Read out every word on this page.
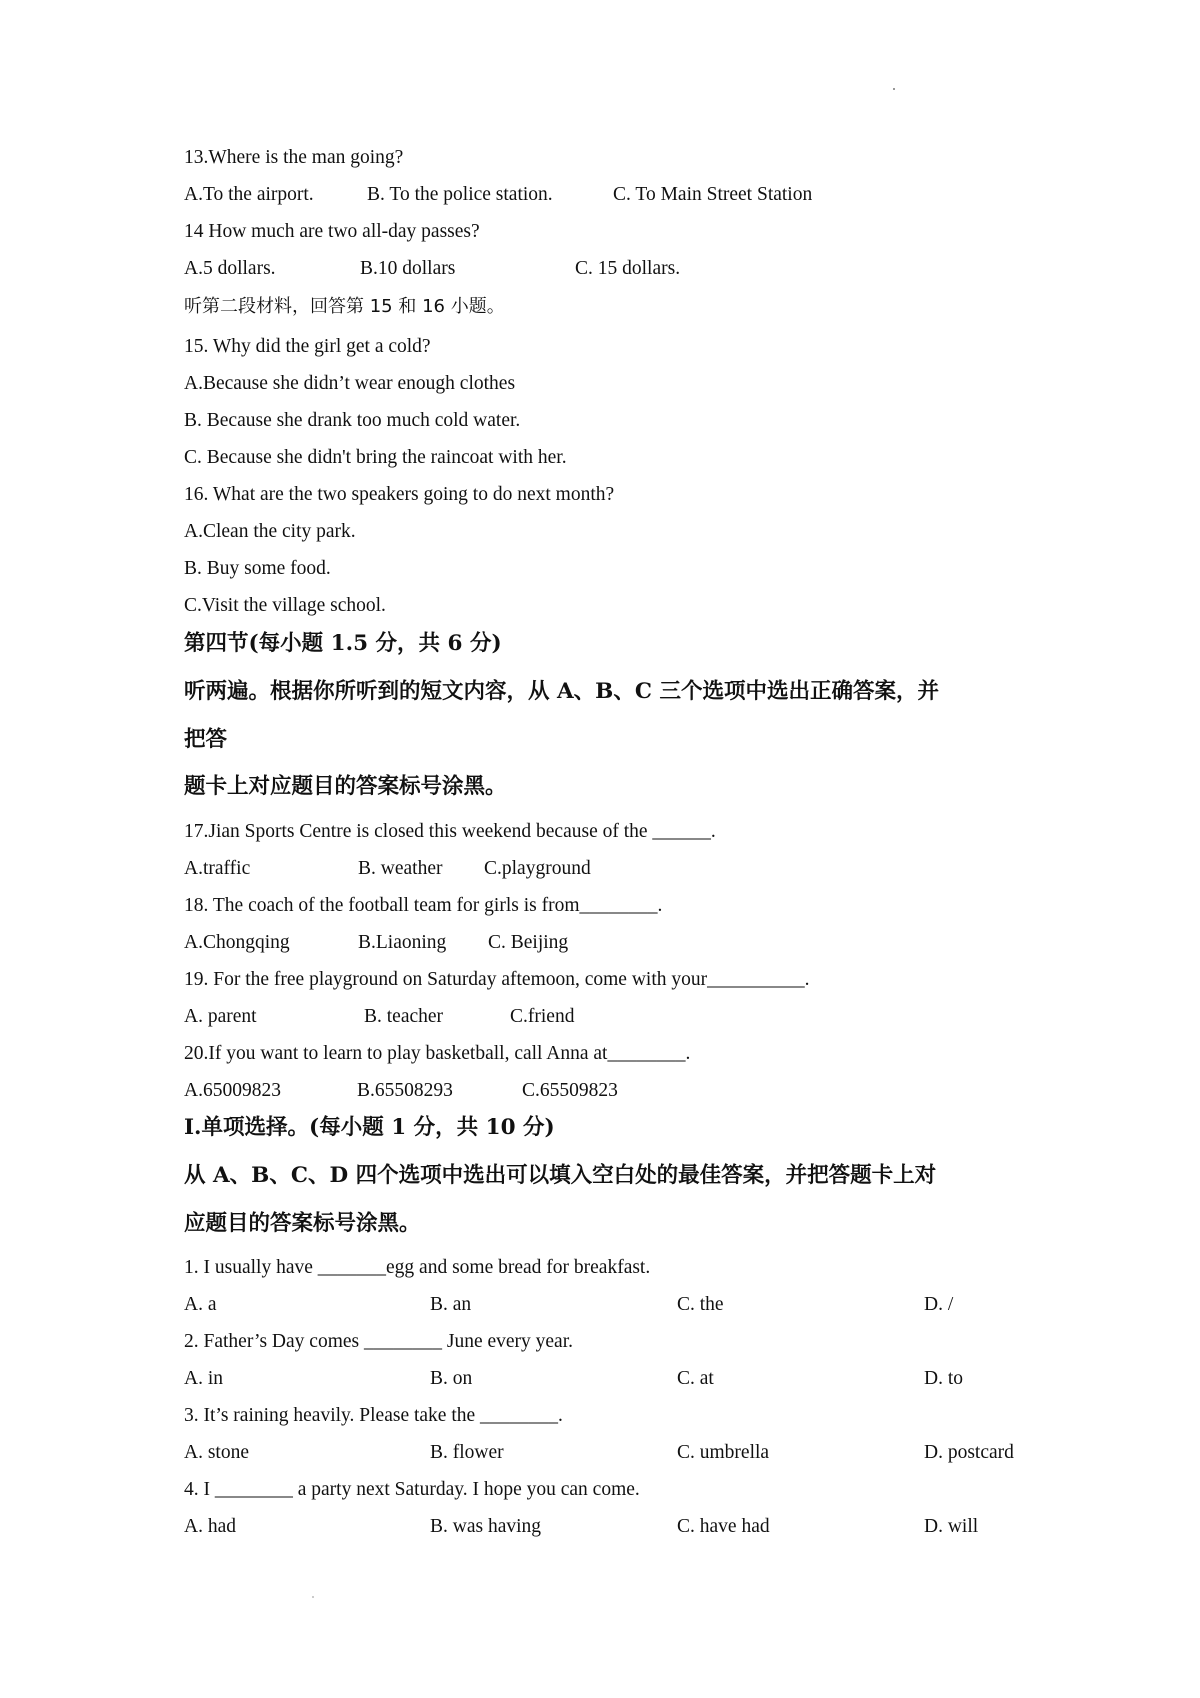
13.Where is the man going?
A.To the airport.	B. To the police station.	C. To Main Street Station
14 How much are two all-day passes?
A.5 dollars.	B.10 dollars	C. 15 dollars.
听第二段材料，回答第 15 和 16 小题。
15. Why did the girl get a cold?
A.Because she didn’t wear enough clothes
B. Because she drank too much cold water.
C. Because she didn't bring the raincoat with her.
16. What are the two speakers going to do next month?
A.Clean the city park.
B. Buy some food.
C.Visit the village school.
第四节(每小题 1.5 分，共 6 分)
听两遍。根据你所听到的短文内容，从 A、B、C 三个选项中选出正确答案，并
把答
题卡上对应题目的答案标号涂黑。
17.Jian Sports Centre is closed this weekend because of the ______.
A.traffic	B. weather C.playground
18. The coach of the football team for girls is from________.
A.Chongqing	B.Liaoning C. Beijing
19. For the free playground on Saturday aftemoon, come with your__________.
A. parent	B. teacher	C.friend
20.If you want to learn to play basketball, call Anna at________.
A.65009823	B.65508293	C.65509823
I.单项选择。(每小题 1 分，共 10 分)
从 A、B、C、D 四个选项中选出可以填入空白处的最佳答案，并把答题卡上对
应题目的答案标号涂黑。
1. I usually have _______egg and some bread for breakfast.
A. a	B. an	C. the	D. /
2. Father’s Day comes ________ June every year.
A. in	B. on	C. at	D. to
3. It’s raining heavily. Please take the ________.
A. stone	B. flower	C. umbrella	D. postcard
4. I ________ a party next Saturday. I hope you can come.
A. had	B. was having	C. have had	D. will
